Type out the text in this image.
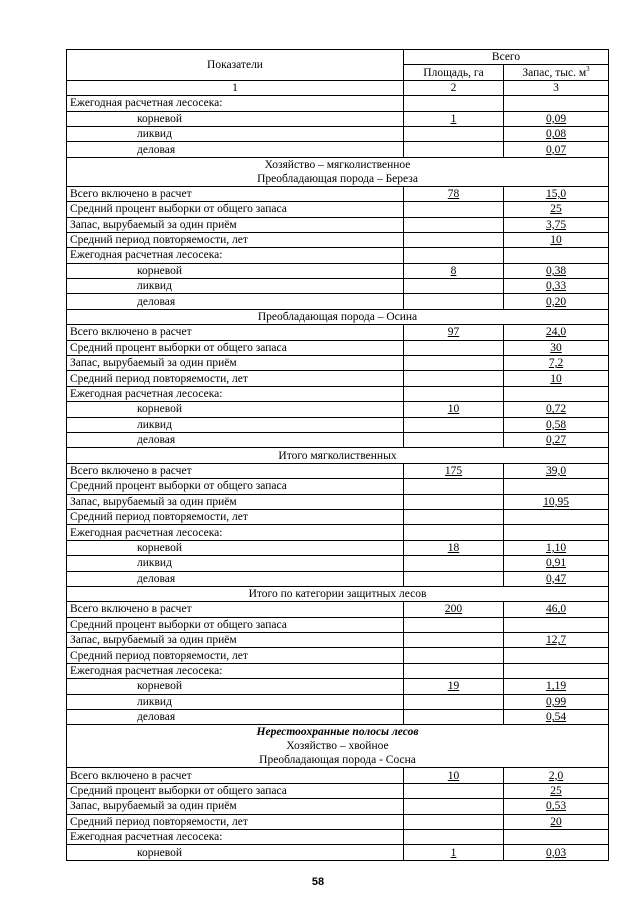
Показатели	Всего	
	Площадь, га	Запас, тыс. $м^3$
1	2	3
Ежегодная расчетная лесосека:		
корневой	1	0,09
ликвид		0,08
деловая		0,07

Хозяйство – мягколиственное
Преобладающая порода – Береза		

Всего включено в расчет	78	15,0
Средний процент выборки от общего запаса		25
Запас, вырубаемый за один приём		3,75
Средний период повторяемости, лет		10
Ежегодная расчетная лесосека:		
корневой	8	0,38
ликвид		0,33
деловая		0,20

Преобладающая порода – Осина		

Всего включено в расчет	97	24,0
Средний процент выборки от общего запаса		30
Запас, вырубаемый за один приём		7,2
Средний период повторяемости, лет		10
Ежегодная расчетная лесосека:		
корневой	10	0,72
ликвид		0,58
деловая		0,27

Итого мягколиственных		

Всего включено в расчет	175	39,0
Средний процент выборки от общего запаса		
Запас, вырубаемый за один приём		10,95
Средний период повторяемости, лет		
Ежегодная расчетная лесосека:		
корневой	18	1,10
ликвид		0,91
деловая		0,47

Итого по категории защитных лесов		

Всего включено в расчет	200	46,0
Средний процент выборки от общего запаса		
Запас, вырубаемый за один приём		12,7
Средний период повторяемости, лет		
Ежегодная расчетная лесосека:		
корневой	19	1,19
ликвид		0,99
деловая		0,54

Нерестоохранные полосы лесов
Хозяйство – хвойное
Преобладающая порода - Сосна		

Всего включено в расчет	10	2,0
Средний процент выборки от общего запаса		25
Запас, вырубаемый за один приём		0,53
Средний период повторяемости, лет		20
Ежегодная расчетная лесосека:		
корневой	1	0,03
58
